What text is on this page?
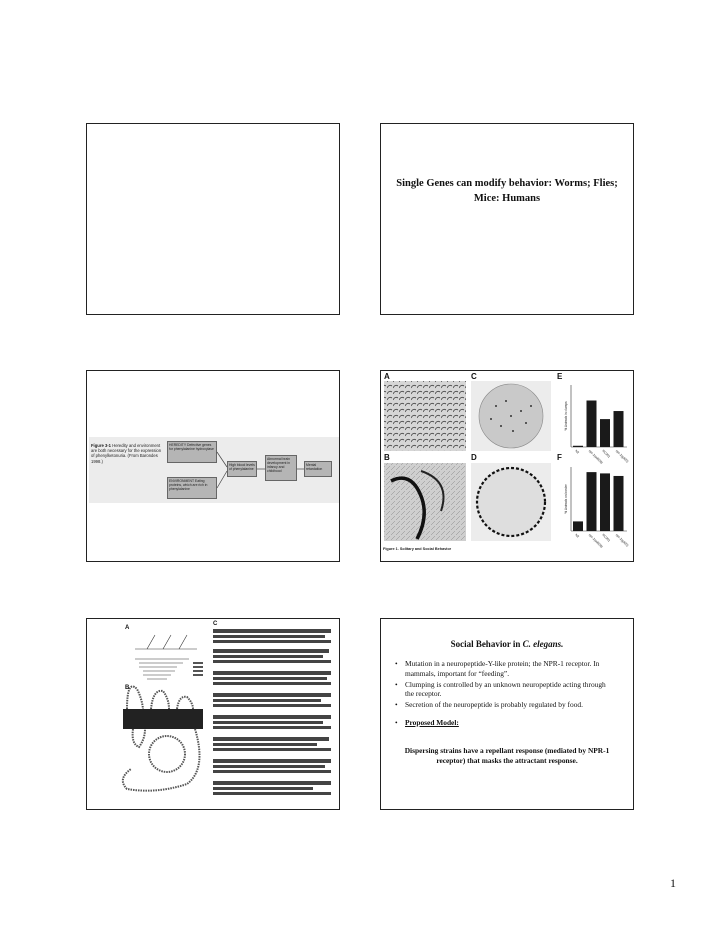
Single Genes can modify behavior: Worms; Flies; Mice: Humans
Figure 3-1 Heredity and environment are both necessary for the expression of phenylketonuria. (From Barondes 1998.)
HEREDITY Defective genes for phenylalanine hydroxylase
ENVIRONMENT Eating proteins, which are rich in phenylalanine
High blood levels of phenylalanine
Abnormal brain development in infancy and childhood
Mental retardation
N2 npr-1(ad609)
RC301 npr-1(g320)
% Animals in clumps
N2 npr-1(ad609)
RC301 npr-1(g320)
% Animals on border
A
B
C
D
E
F
Figure 1. Solitary and Social Behavior
A
B
C
Social Behavior in C. elegans.
• Mutation in a neuropeptide-Y-like protein; the NPR-1 receptor. In mammals, important for “feeding”.
• Clumping is controlled by an unknown neuropeptide acting through the receptor.
• Secretion of the neuropeptide is probably regulated by food.
• Proposed Model:
Dispersing strains have a repellant response (mediated by NPR-1 receptor) that masks the attractant response.
1
